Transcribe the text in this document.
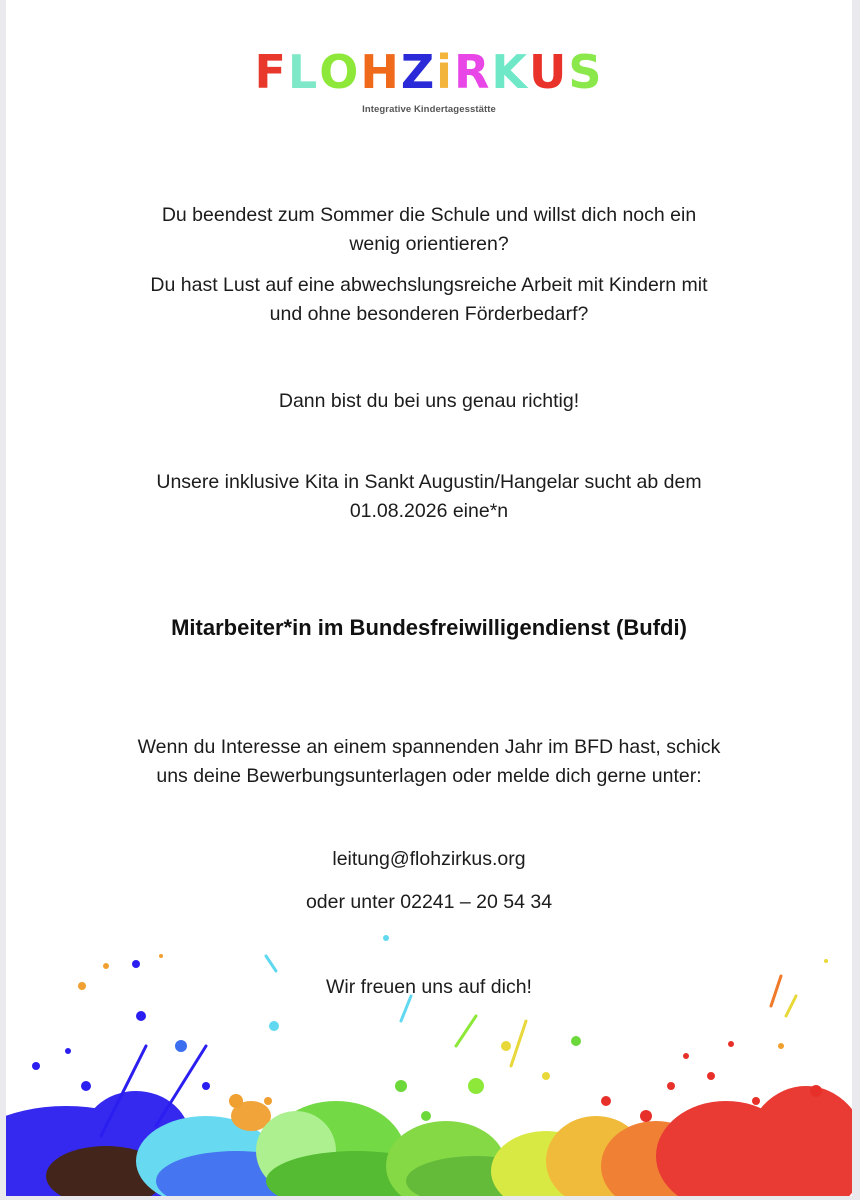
FLOHZiRKUS
Integrative Kindertagesstätte

Du beendest zum Sommer die Schule und willst dich noch ein

wenig orientieren?

Du hast Lust auf eine abwechslungsreiche Arbeit mit Kindern mit

und ohne besonderen Förderbedarf?

Dann bist du bei uns genau richtig!

Unsere inklusive Kita in Sankt Augustin/Hangelar sucht ab dem

01.08.2026 eine*n

Mitarbeiter*in im Bundesfreiwilligendienst (Bufdi)

Wenn du Interesse an einem spannenden Jahr im BFD hast, schick

uns deine Bewerbungsunterlagen oder melde dich gerne unter:

leitung@flohzirkus.org

oder unter 02241 – 20 54 34

Wir freuen uns auf dich!
